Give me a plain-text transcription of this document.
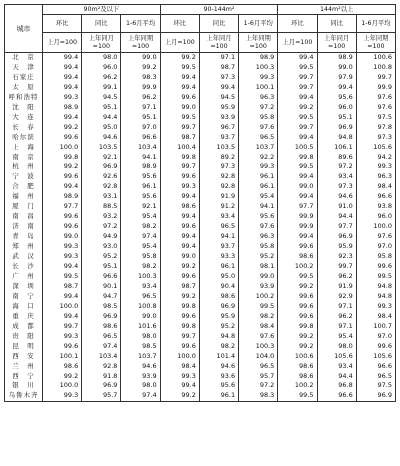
城市	90m²及以下			90-144m²			144m²以上		
	环比	同比	1-6月平均	环比	同比	1-6月平均	环比	同比	1-6月平均
	上月=100	上年同月=100	上年同期=100	上月=100	上年同月=100	上年同期=100	上月=100	上年同月=100	上年同期=100
北　京	99.4	98.0	99.0	99.2	97.1	98.9	99.4	98.9	100.6
天　津	99.4	96.0	99.2	99.5	98.7	100.3	99.5	99.0	100.8
石家庄	99.4	96.2	98.3	99.4	97.3	99.3	99.7	97.9	99.7
太　原	99.4	99.1	99.9	99.4	99.4	100.1	99.7	99.4	99.9
呼和浩特	99.3	94.5	96.2	99.6	94.5	96.3	99.4	95.6	97.6
沈　阳	98.9	95.1	97.1	99.0	95.9	97.2	99.2	96.0	97.6
大　连	99.4	94.4	95.1	99.5	93.9	95.8	99.5	95.1	97.5
长　春	99.2	95.0	97.0	99.7	96.7	97.6	99.7	96.9	97.8
哈尔滨	99.6	94.6	96.6	98.7	93.7	96.5	99.4	94.8	97.3
上　海	100.0	103.5	103.4	100.4	103.5	103.7	100.5	106.1	105.6
南　京	99.8	92.1	94.1	99.8	89.2	92.2	99.8	89.6	94.2
杭　州	99.2	96.9	98.9	99.7	97.3	99.3	99.5	97.2	99.3
宁　波	99.6	92.6	95.6	99.6	92.8	96.1	99.4	93.4	96.3
合　肥	99.4	92.8	96.1	99.3	92.8	96.1	99.0	97.3	98.4
福　州	98.9	93.1	95.6	99.4	91.9	95.4	99.4	94.6	96.6
厦　门	97.7	88.5	92.1	98.6	91.2	94.1	97.7	91.0	93.8
南　昌	99.6	93.2	95.4	99.4	93.4	95.6	99.9	94.4	96.0
济　南	99.6	97.2	98.2	99.6	96.5	97.6	99.9	97.7	100.0
青　岛	99.0	94.9	97.4	99.4	94.1	96.3	99.4	96.9	97.6
郑　州	99.3	93.0	95.4	99.4	93.7	95.8	99.6	95.9	97.0
武　汉	99.3	95.2	95.8	99.0	93.3	95.2	98.6	92.3	95.8
长　沙	99.4	95.1	98.2	99.2	96.1	98.1	100.2	99.7	99.6
广　州	99.5	96.6	100.3	99.6	95.0	99.0	99.5	96.2	99.5
深　圳	98.7	90.1	93.4	98.7	90.4	93.9	99.2	91.9	94.8
南　宁	99.4	94.7	96.5	99.2	98.6	100.2	99.6	92.9	94.8
海　口	100.0	98.5	100.8	99.8	96.9	99.5	99.6	97.1	99.3
重　庆	99.4	96.9	99.0	99.6	95.9	98.2	99.6	96.2	98.4
成　都	99.7	98.6	101.6	99.8	95.2	98.4	99.8	97.1	100.7
贵　阳	99.3	96.5	98.0	99.7	94.8	97.6	99.2	95.4	97.0
昆　明	99.6	97.4	98.5	99.6	98.2	100.3	99.2	98.0	99.6
西　安	100.1	103.4	103.7	100.0	101.4	104.0	100.6	105.6	105.6
兰　州	98.6	92.8	94.6	98.4	94.6	96.5	98.6	93.4	96.6
西　宁	99.2	91.8	93.9	99.3	93.6	95.7	98.6	94.4	96.5
银　川	100.0	96.9	98.0	99.4	95.6	97.2	100.2	96.8	97.5
乌鲁木齐	99.3	95.7	97.4	99.2	96.1	98.3	99.5	96.6	96.9
